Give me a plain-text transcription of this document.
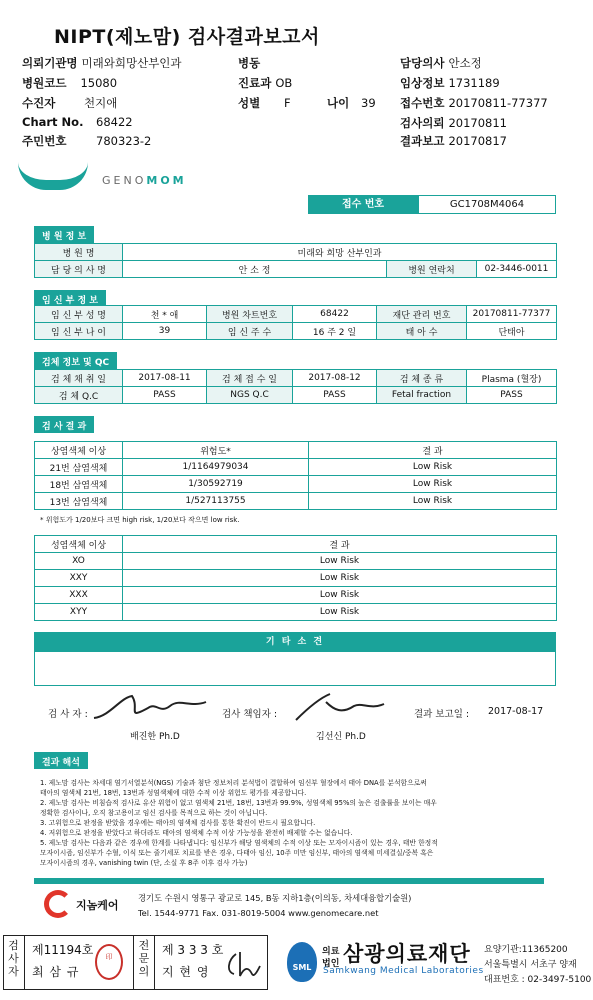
NIPT(제노맘) 검사결과보고서
의뢰기관명 미래와희망산부인과	병동	담당의사 안소정
병원코드 15080	진료과 OB	임상정보 1731189
수진자 천지애	성별 F	나이 39 접수번호 20170811-77377
Chart No. 68422	검사의뢰 20170811
주민번호	780323-2	결과보고 20170817
GENOMOM
접수 번호	GC1708M4064
병 원 정 보
병 원 명	미래와 희망 산부인과		
담 당 의 사 명	안 소 정	병원 연락처	02-3446-0011
임 신 부 정 보
임 신 부 성 명	천 * 애	병원 차트번호	68422	재단 관리 번호	20170811-77377
임 신 부 나 이	39	임 신 주 수	16 주 2 일	태 아 수	단태아
검체 정보 및 QC
검 체 채 취 일	2017-08-11	검 체 접 수 일	2017-08-12	검 체 종 류	Plasma (혈장)
검 체 Q.C	PASS	NGS Q.C	PASS	Fetal fraction	PASS
검 사 결 과
상염색체 이상	위험도*	결 과
21번 삼염색체	1/1164979034	Low Risk
18번 삼염색체	1/30592719	Low Risk
13번 삼염색체	1/527113755	Low Risk
* 위험도가 1/20보다 크면 high risk, 1/20보다 작으면 low risk.
성염색체 이상	결 과
XO	Low Risk
XXY	Low Risk
XXX	Low Risk
XYY	Low Risk
기 타 소 견
검 사 자 :
배진한 Ph.D
검사 책임자 :
김선신 Ph.D
결과 보고일 : 2017-08-17
결과 해석
1. 제노맘 검사는 차세대 염기서열분석(NGS) 기술과 첨단 정보처리 분석법이 결합하여 임신부 혈장에서 태아 DNA를 분석함으로써
태아의 염색체 21번, 18번, 13번과 성염색체에 대한 수적 이상 위험도 평가를 제공합니다.
2. 제노맘 검사는 비침습적 검사로 유산 위험이 없고 염색체 21번, 18번, 13번과 99.9%, 성염색체 95%의 높은 검출률을 보이는 매우
정확한 검사이나, 오직 참고용이고 임신 검사를 목적으로 하는 것이 아닙니다.
3. 고위험으로 판정을 받았을 경우에는 태아의 염색체 검사를 통한 확진이 반드시 필요합니다.
4. 저위험으로 판정을 받았다고 하더라도 태아의 염색체 수적 이상 가능성을 완전히 배제할 수는 없습니다.
5. 제노맘 검사는 다음과 같은 경우에 한계를 나타냅니다: 임신부가 해당 염색체의 수적 이상 또는 모자이시즘이 있는 경우, 태반 한정적
모자이시즘, 임신부가 수혈, 이식 또는 줄기세포 치료를 받은 경우, 다태아 임신, 10주 미만 임신부, 태아의 염색체 미세결실/중복 혹은
모자이시즘의 경우, vanishing twin (단, 소실 후 8주 이후 검사 가능)
지놈케어
경기도 수원시 영통구 광교로 145, B동 지하1층(이의동, 차세대융합기술원)
Tel. 1544-9771 Fax. 031-8019-5004 www.genomecare.net
검사자
제11194호
최 삼 규
印
전문의
제 3 3 3 호
지 현 영	SML
의료
법인 삼광의료재단
Samkwang Medical Laboratories
요양기관:11365200
서울특별시 서초구 양재
대표번호 : 02-3497-5100
